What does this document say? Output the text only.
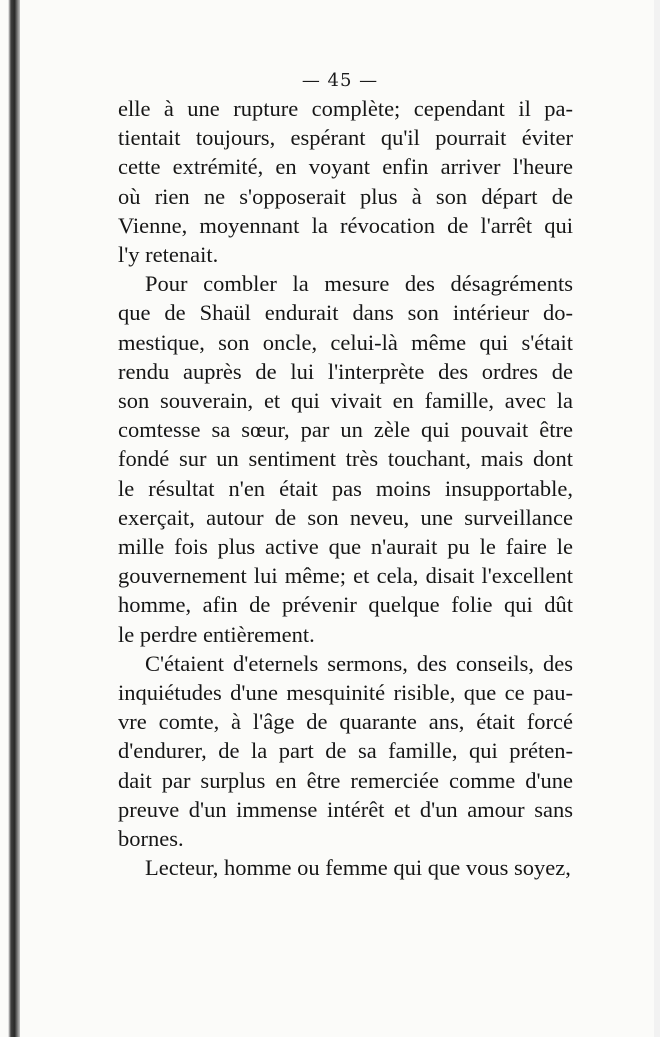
— 45 —
elle à une rupture complète; cependant il pa-
tientait toujours, espérant qu'il pourrait éviter
cette extrémité, en voyant enfin arriver l'heure
où rien ne s'opposerait plus à son départ de
Vienne, moyennant la révocation de l'arrêt qui
l'y retenait.
Pour combler la mesure des désagréments
que de Shaül endurait dans son intérieur do-
mestique, son oncle, celui-là même qui s'était
rendu auprès de lui l'interprète des ordres de
son souverain, et qui vivait en famille, avec la
comtesse sa sœur, par un zèle qui pouvait être
fondé sur un sentiment très touchant, mais dont
le résultat n'en était pas moins insupportable,
exerçait, autour de son neveu, une surveillance
mille fois plus active que n'aurait pu le faire le
gouvernement lui même; et cela, disait l'excellent
homme, afin de prévenir quelque folie qui dût
le perdre entièrement.
C'étaient d'eternels sermons, des conseils, des
inquiétudes d'une mesquinité risible, que ce pau-
vre comte, à l'âge de quarante ans, était forcé
d'endurer, de la part de sa famille, qui préten-
dait par surplus en être remerciée comme d'une
preuve d'un immense intérêt et d'un amour sans
bornes.
Lecteur, homme ou femme qui que vous soyez,
